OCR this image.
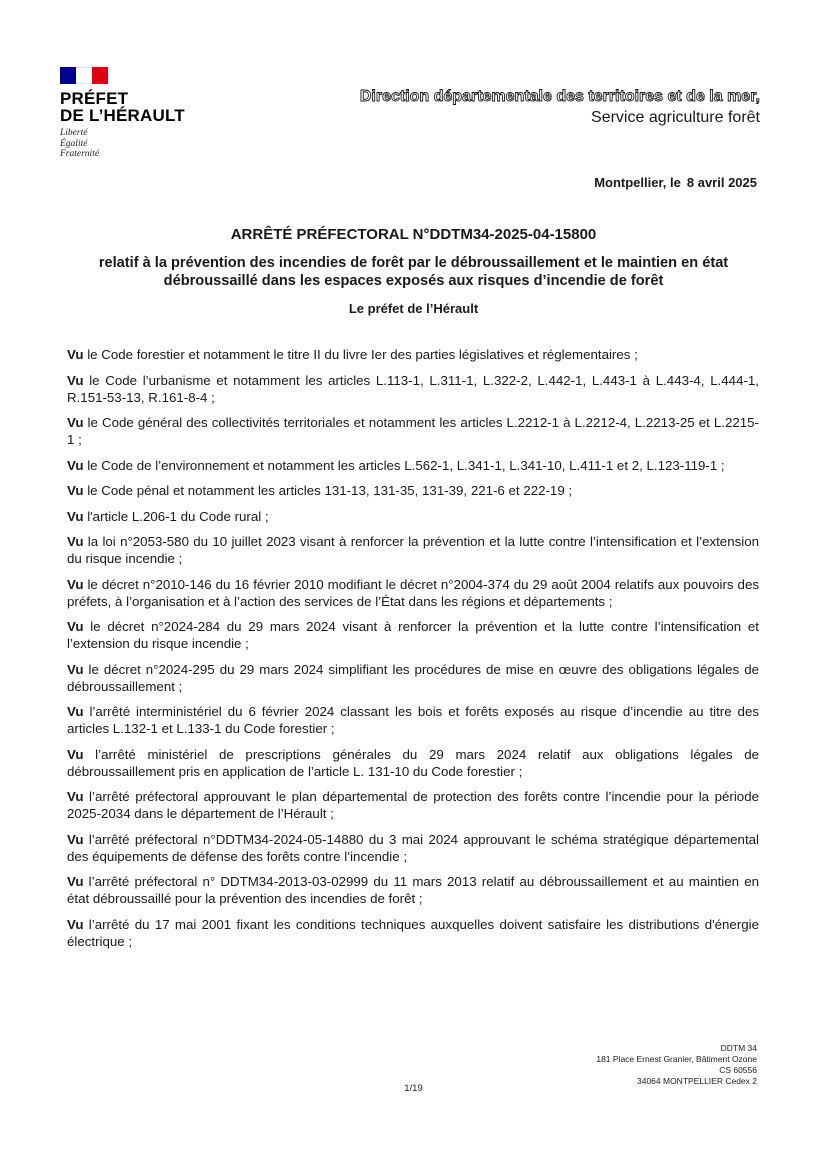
PRÉFET
DE L’HÉRAULT
Liberté
Égalité
Fraternité
Direction départementale des territoires et de la mer,
Service agriculture forêt
Montpellier, le 8 avril 2025
ARRÊTÉ PRÉFECTORAL N°DDTM34-2025-04-15800
relatif à la prévention des incendies de forêt par le débroussaillement et le maintien en état débroussaillé dans les espaces exposés aux risques d’incendie de forêt
Le préfet de l’Hérault
Vu le Code forestier et notamment le titre II du livre Ier des parties législatives et réglementaires ;
Vu le Code l’urbanisme et notamment les articles L.113-1, L.311-1, L.322-2, L.442-1, L.443-1 à L.443-4, L.444-1, R.151-53-13, R.161-8-4 ;
Vu le Code général des collectivités territoriales et notamment les articles L.2212-1 à L.2212-4, L.2213-25 et L.2215-1 ;
Vu le Code de l’environnement et notamment les articles L.562-1, L.341-1, L.341-10, L.411-1 et 2, L.123-119-1 ;
Vu le Code pénal et notamment les articles 131-13, 131-35, 131-39, 221-6 et 222-19 ;
Vu l'article L.206-1 du Code rural ;
Vu la loi n°2053-580 du 10 juillet 2023 visant à renforcer la prévention et la lutte contre l’intensification et l’extension du risque incendie ;
Vu le décret n°2010-146 du 16 février 2010 modifiant le décret n°2004-374 du 29 août 2004 relatifs aux pouvoirs des préfets, à l’organisation et à l’action des services de l’État dans les régions et départements ;
Vu le décret n°2024-284 du 29 mars 2024 visant à renforcer la prévention et la lutte contre l’intensification et l’extension du risque incendie ;
Vu le décret n°2024-295 du 29 mars 2024 simplifiant les procédures de mise en œuvre des obligations légales de débroussaillement ;
Vu l’arrêté interministériel du 6 février 2024 classant les bois et forêts exposés au risque d’incendie au titre des articles L.132-1 et L.133-1 du Code forestier ;
Vu l’arrêté ministériel de prescriptions générales du 29 mars 2024 relatif aux obligations légales de débroussaillement pris en application de l’article L. 131-10 du Code forestier ;
Vu l’arrêté préfectoral approuvant le plan départemental de protection des forêts contre l’incendie pour la période 2025-2034 dans le département de l’Hérault ;
Vu l’arrêté préfectoral n°DDTM34-2024-05-14880 du 3 mai 2024 approuvant le schéma stratégique départemental des équipements de défense des forêts contre l’incendie ;
Vu l’arrêté préfectoral n° DDTM34-2013-03-02999 du 11 mars 2013 relatif au débroussaillement et au maintien en état débroussaillé pour la prévention des incendies de forêt ;
Vu l’arrêté du 17 mai 2001 fixant les conditions techniques auxquelles doivent satisfaire les distributions d'énergie électrique ;
DDTM 34
181 Place Ernest Granier, Bâtiment Ozone
CS 60556
34064 MONTPELLIER Cedex 2
1/19
